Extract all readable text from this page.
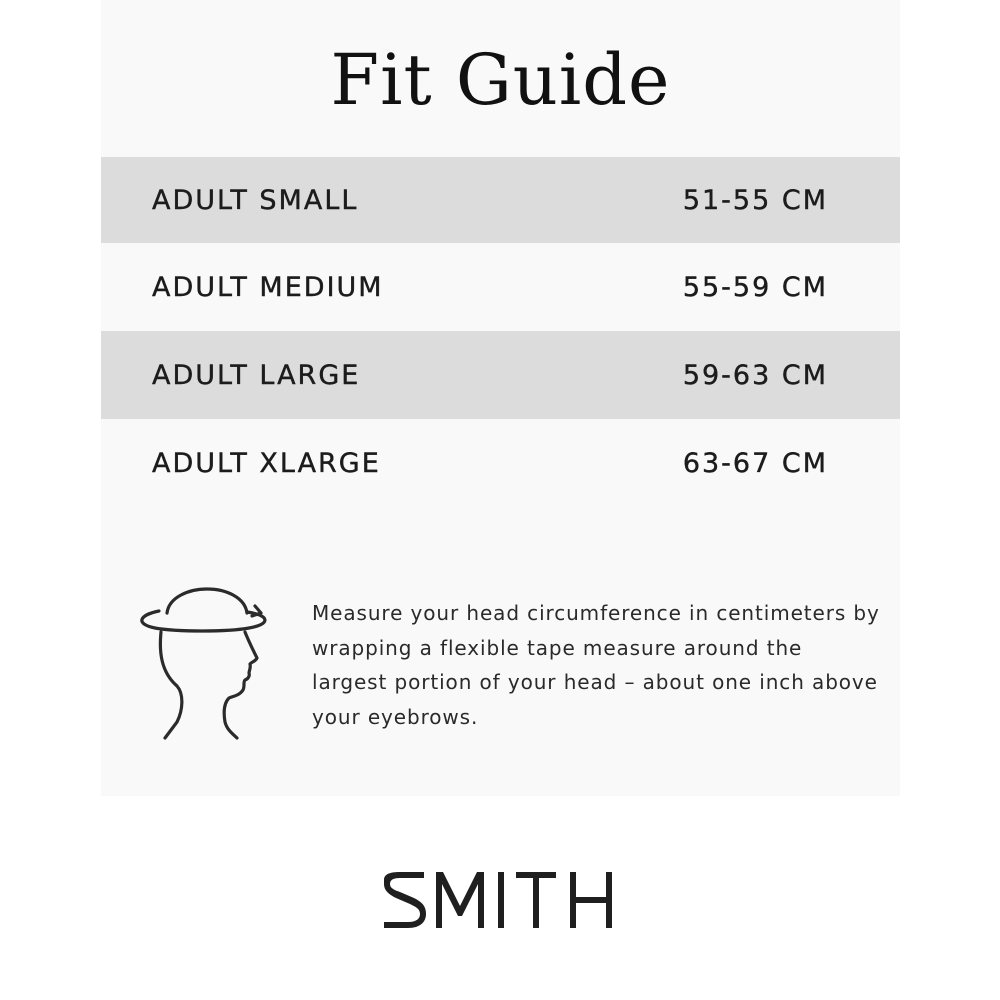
Fit Guide
ADULT SMALL	51-55 CM
ADULT MEDIUM	55-59 CM
ADULT LARGE	59-63 CM
ADULT XLARGE	63-67 CM

Measure your head circumference in centimeters by wrapping a flexible tape measure around the largest portion of your head – about one inch above your eyebrows.
